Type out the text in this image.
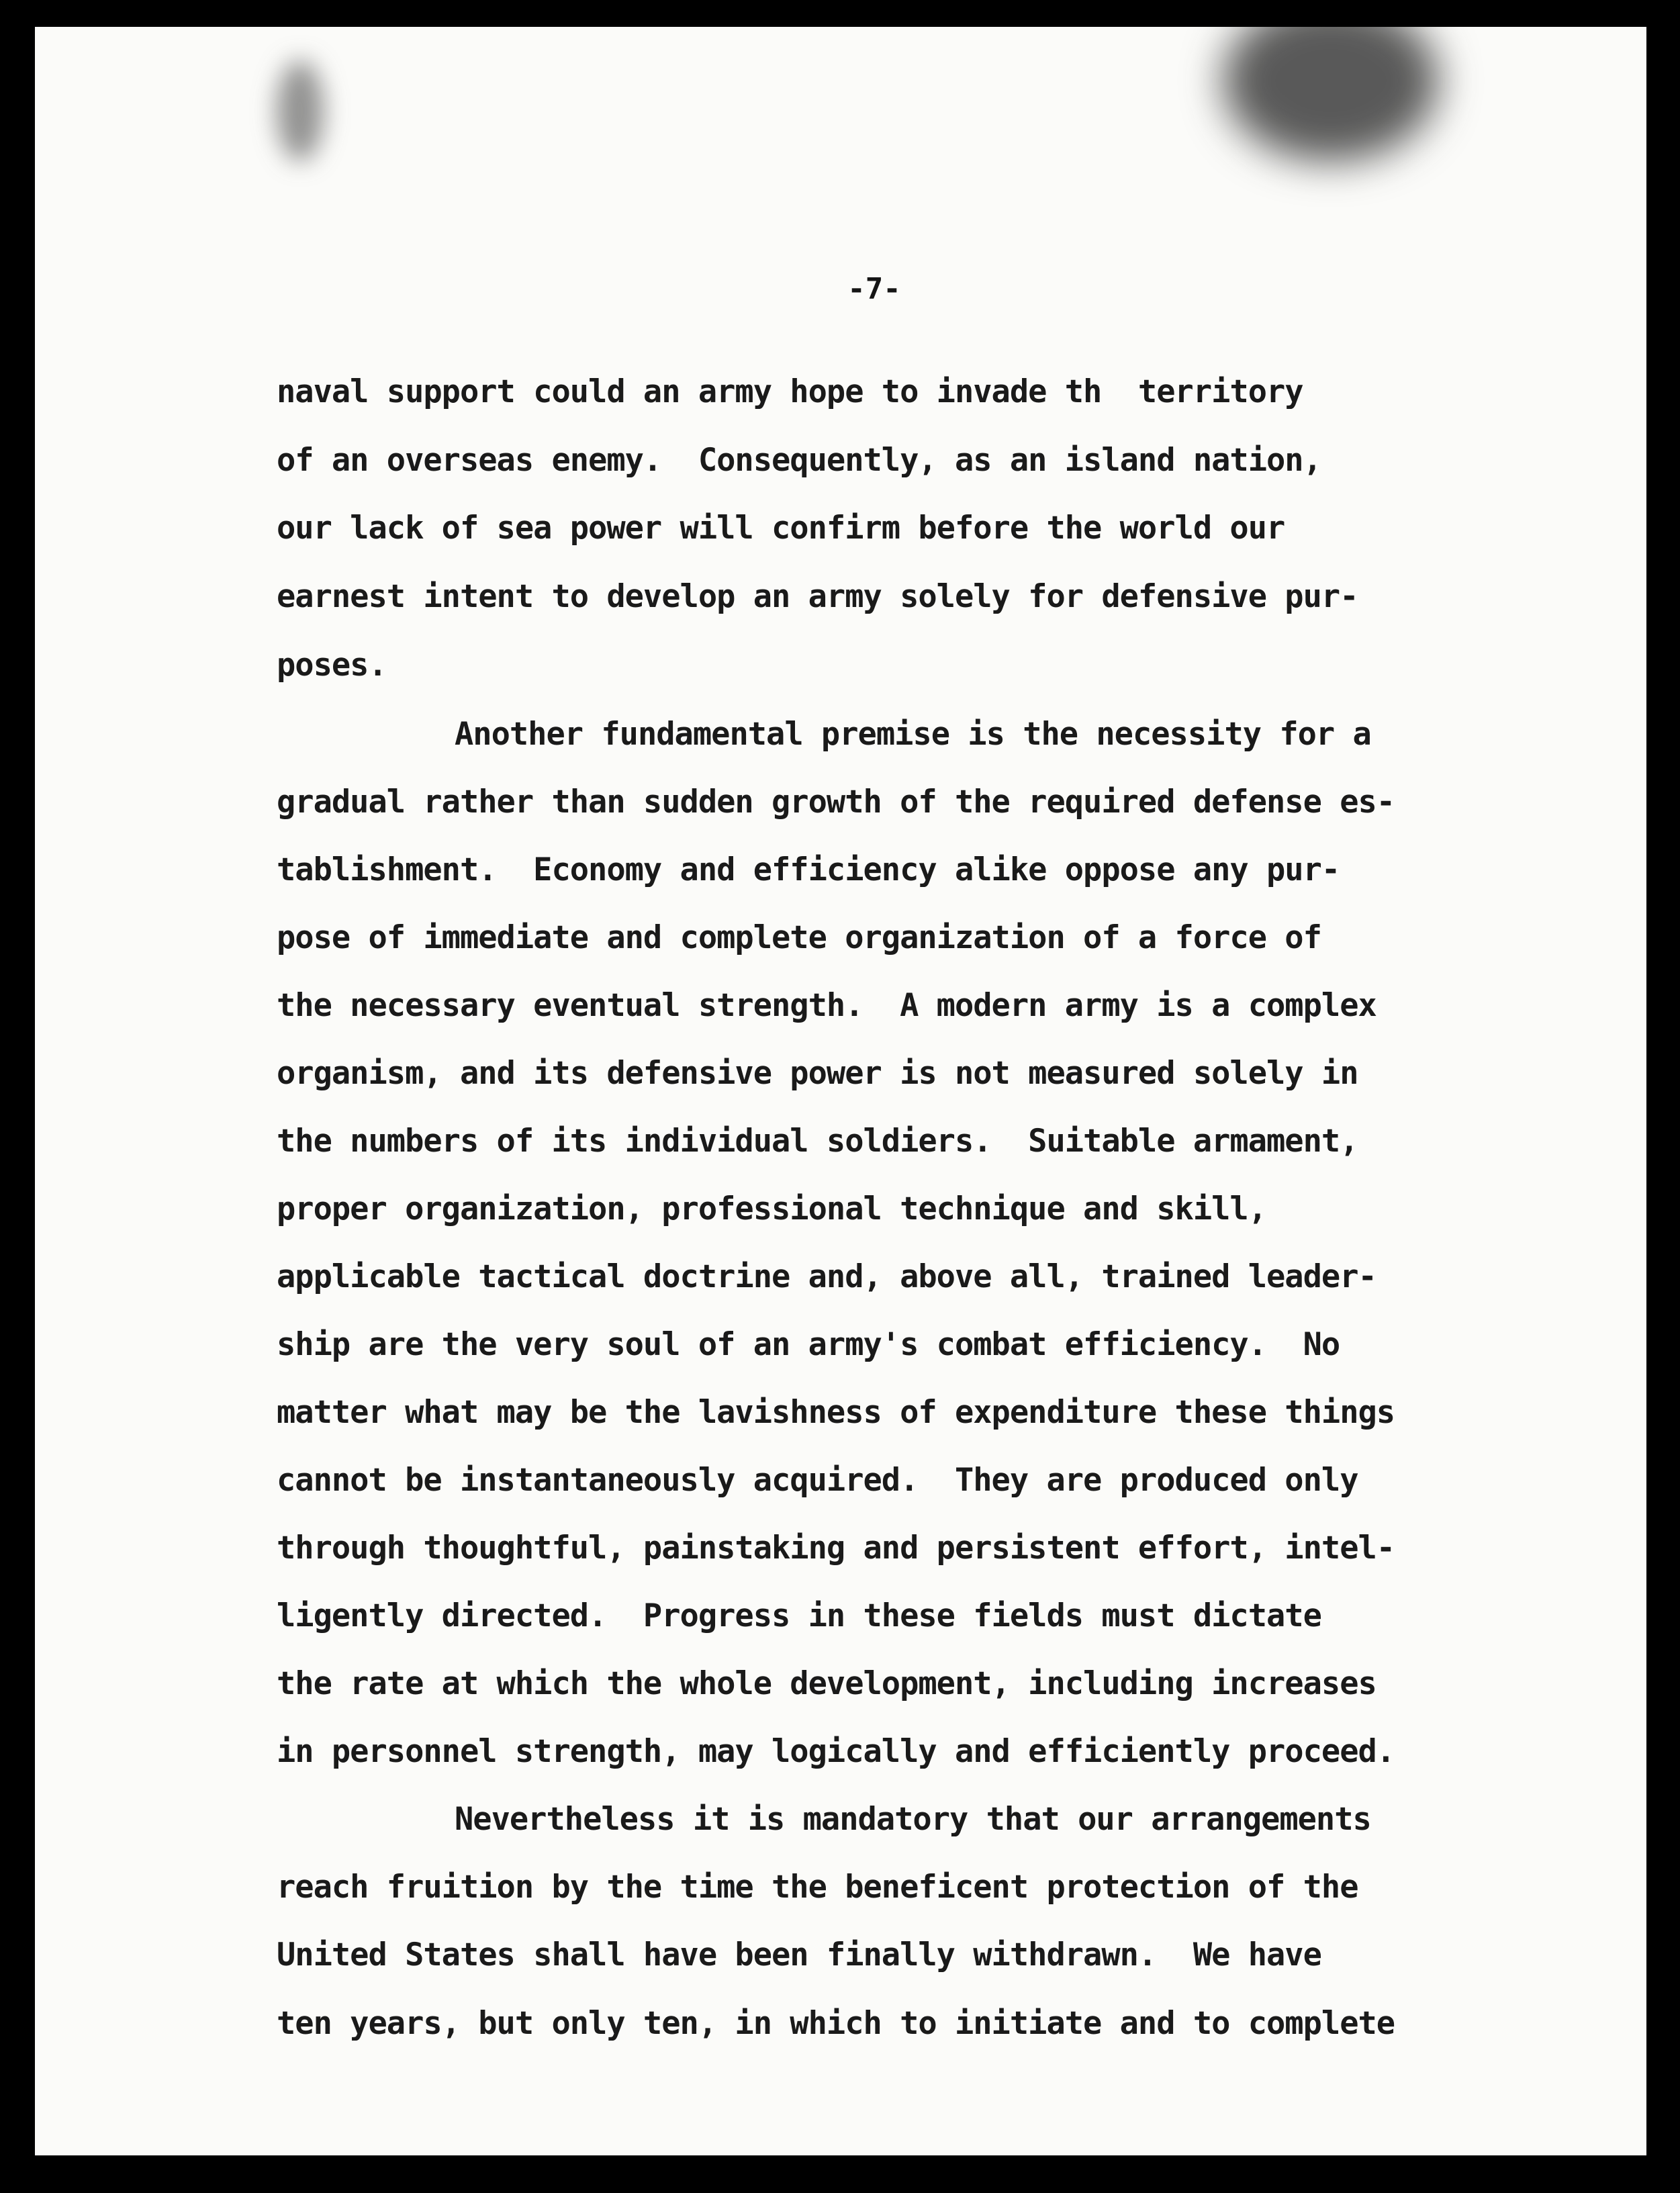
-7-
naval support could an army hope to invade th  territory
of an overseas enemy.  Consequently, as an island nation,
our lack of sea power will confirm before the world our
earnest intent to develop an army solely for defensive pur-
poses.
Another fundamental premise is the necessity for a
gradual rather than sudden growth of the required defense es-
tablishment.  Economy and efficiency alike oppose any pur-
pose of immediate and complete organization of a force of
the necessary eventual strength.  A modern army is a complex
organism, and its defensive power is not measured solely in
the numbers of its individual soldiers.  Suitable armament,
proper organization, professional technique and skill,
applicable tactical doctrine and, above all, trained leader-
ship are the very soul of an army's combat efficiency.  No
matter what may be the lavishness of expenditure these things
cannot be instantaneously acquired.  They are produced only
through thoughtful, painstaking and persistent effort, intel-
ligently directed.  Progress in these fields must dictate
the rate at which the whole development, including increases
in personnel strength, may logically and efficiently proceed.
Nevertheless it is mandatory that our arrangements
reach fruition by the time the beneficent protection of the
United States shall have been finally withdrawn.  We have
ten years, but only ten, in which to initiate and to complete
